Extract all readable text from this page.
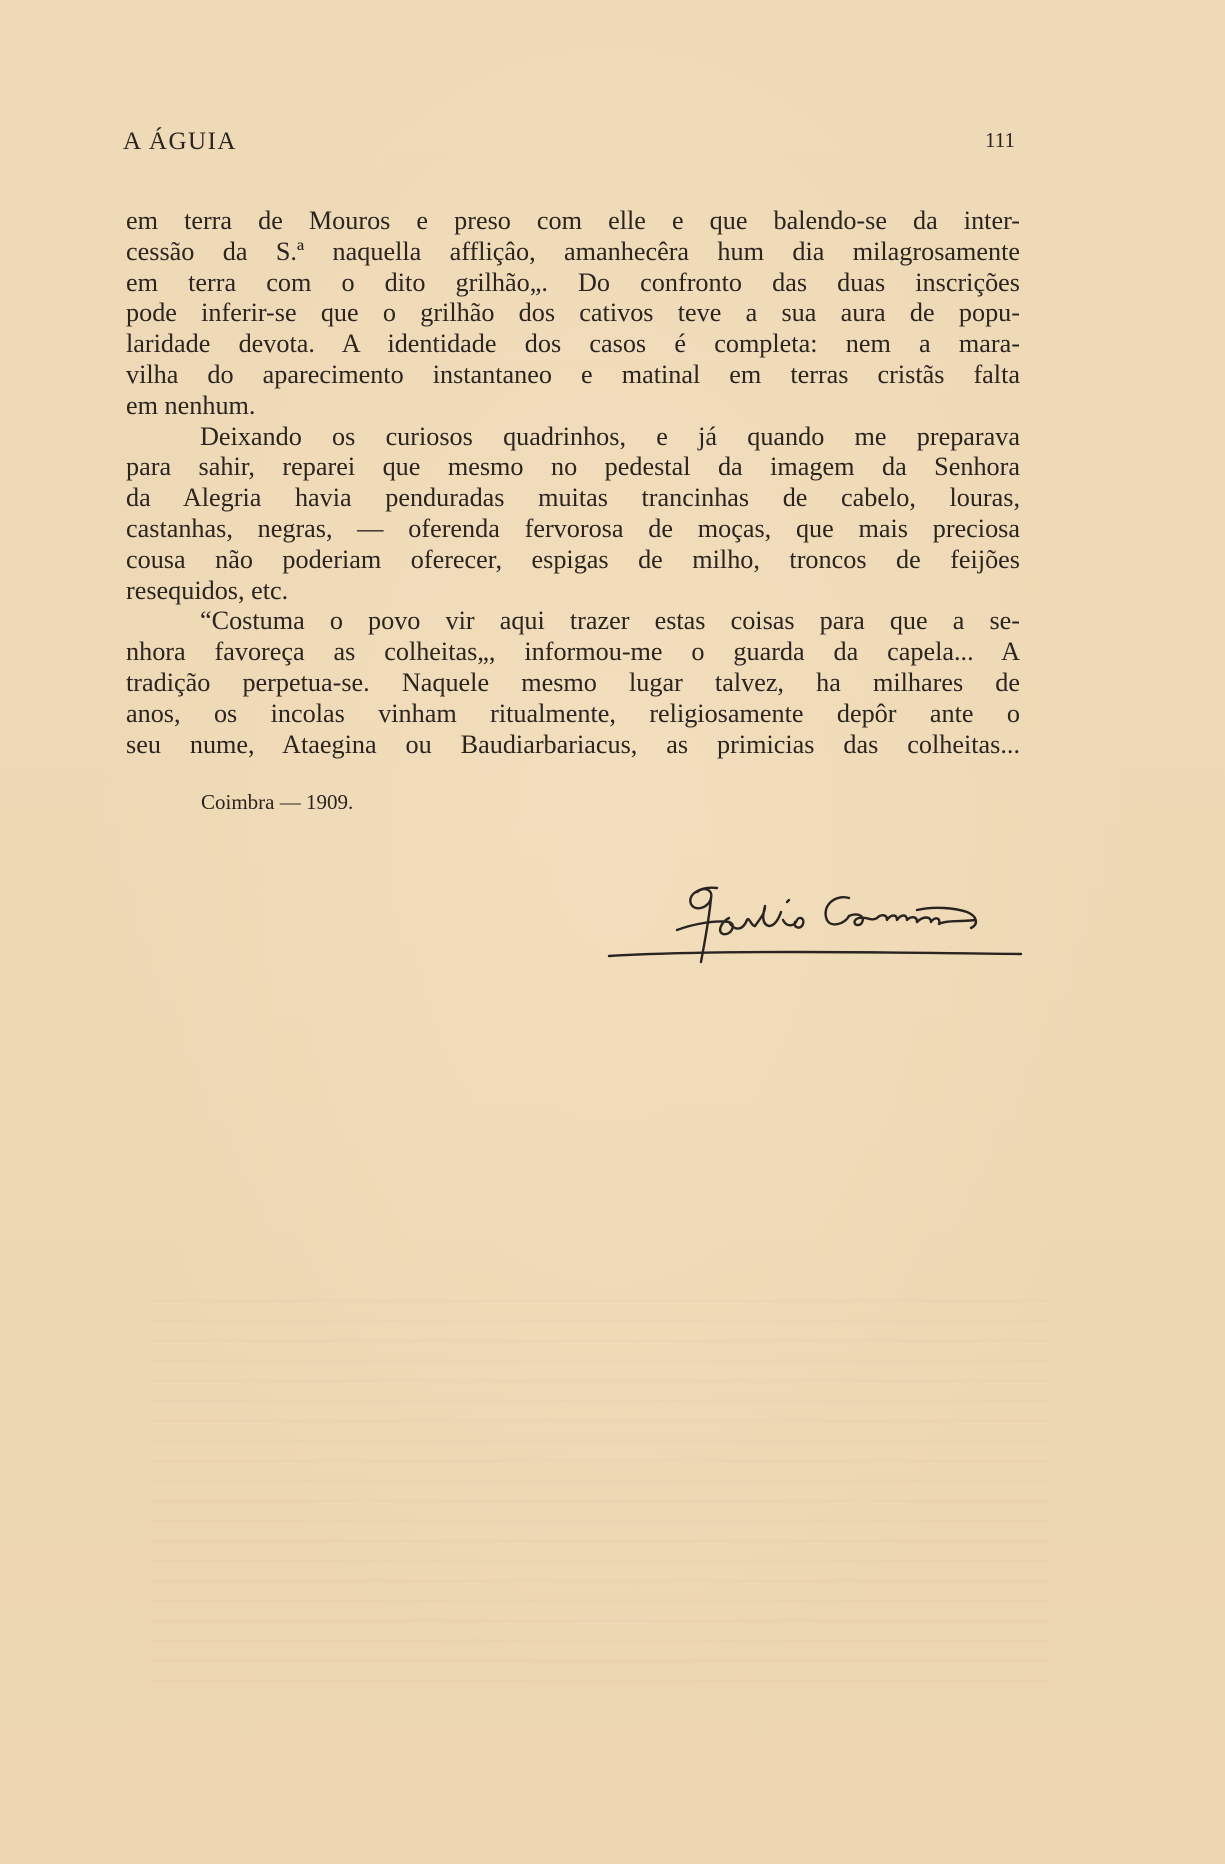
A ÁGUIA	111
em terra de Mouros e preso com elle e que balendo-se da inter-
cessão da S.ª naquella affliçâo, amanhecêra hum dia milagrosamente
em terra com o dito grilhão„. Do confronto das duas inscrições
pode inferir-se que o grilhão dos cativos teve a sua aura de popu-
laridade devota. A identidade dos casos é completa: nem a mara-
vilha do aparecimento instantaneo e matinal em terras cristãs falta
em nenhum.
Deixando os curiosos quadrinhos, e já quando me preparava
para sahir, reparei que mesmo no pedestal da imagem da Senhora
da Alegria havia penduradas muitas trancinhas de cabelo, louras,
castanhas, negras, — oferenda fervorosa de moças, que mais preciosa
cousa não poderiam oferecer, espigas de milho, troncos de feijões
resequidos, etc.
“Costuma o povo vir aqui trazer estas coisas para que a se-
nhora favoreça as colheitas„, informou-me o guarda da capela... A
tradição perpetua-se. Naquele mesmo lugar talvez, ha milhares de
anos, os incolas vinham ritualmente, religiosamente depôr ante o
seu nume, Ataegina ou Baudiarbariacus, as primicias das colheitas...
Coimbra — 1909.
